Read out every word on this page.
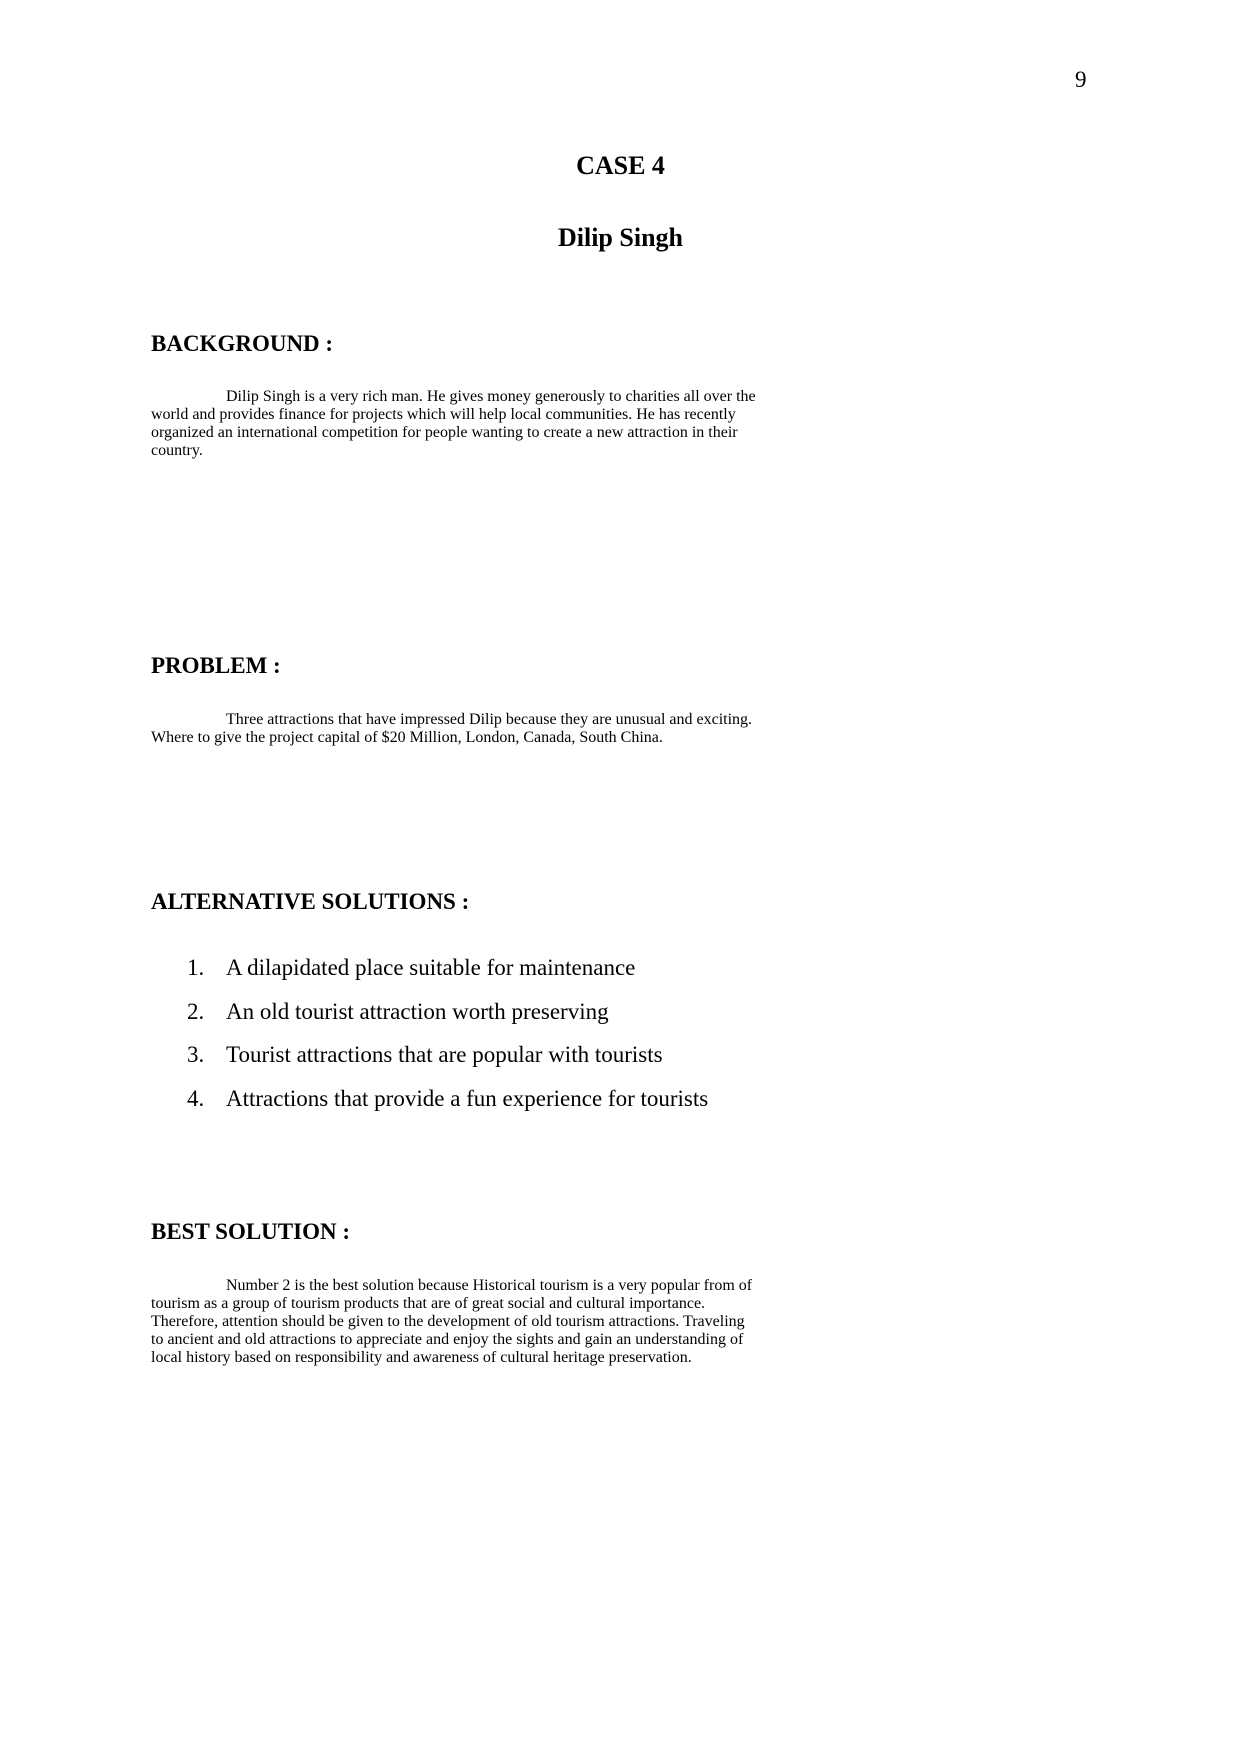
9
CASE 4
Dilip Singh
BACKGROUND :
Dilip Singh is a very rich man. He gives money generously to charities all over the
world and provides finance for projects which will help local communities. He has recently
organized an international competition for people wanting to create a new attraction in their
country.
PROBLEM :
Three attractions that have impressed Dilip because they are unusual and exciting.
Where to give the project capital of $20 Million, London, Canada, South China.
ALTERNATIVE SOLUTIONS :
1. A dilapidated place suitable for maintenance
2. An old tourist attraction worth preserving
3. Tourist attractions that are popular with tourists
4. Attractions that provide a fun experience for tourists
BEST SOLUTION :
Number 2 is the best solution because Historical tourism is a very popular from of
tourism as a group of tourism products that are of great social and cultural importance.
Therefore, attention should be given to the development of old tourism attractions. Traveling
to ancient and old attractions to appreciate and enjoy the sights and gain an understanding of
local history based on responsibility and awareness of cultural heritage preservation.
